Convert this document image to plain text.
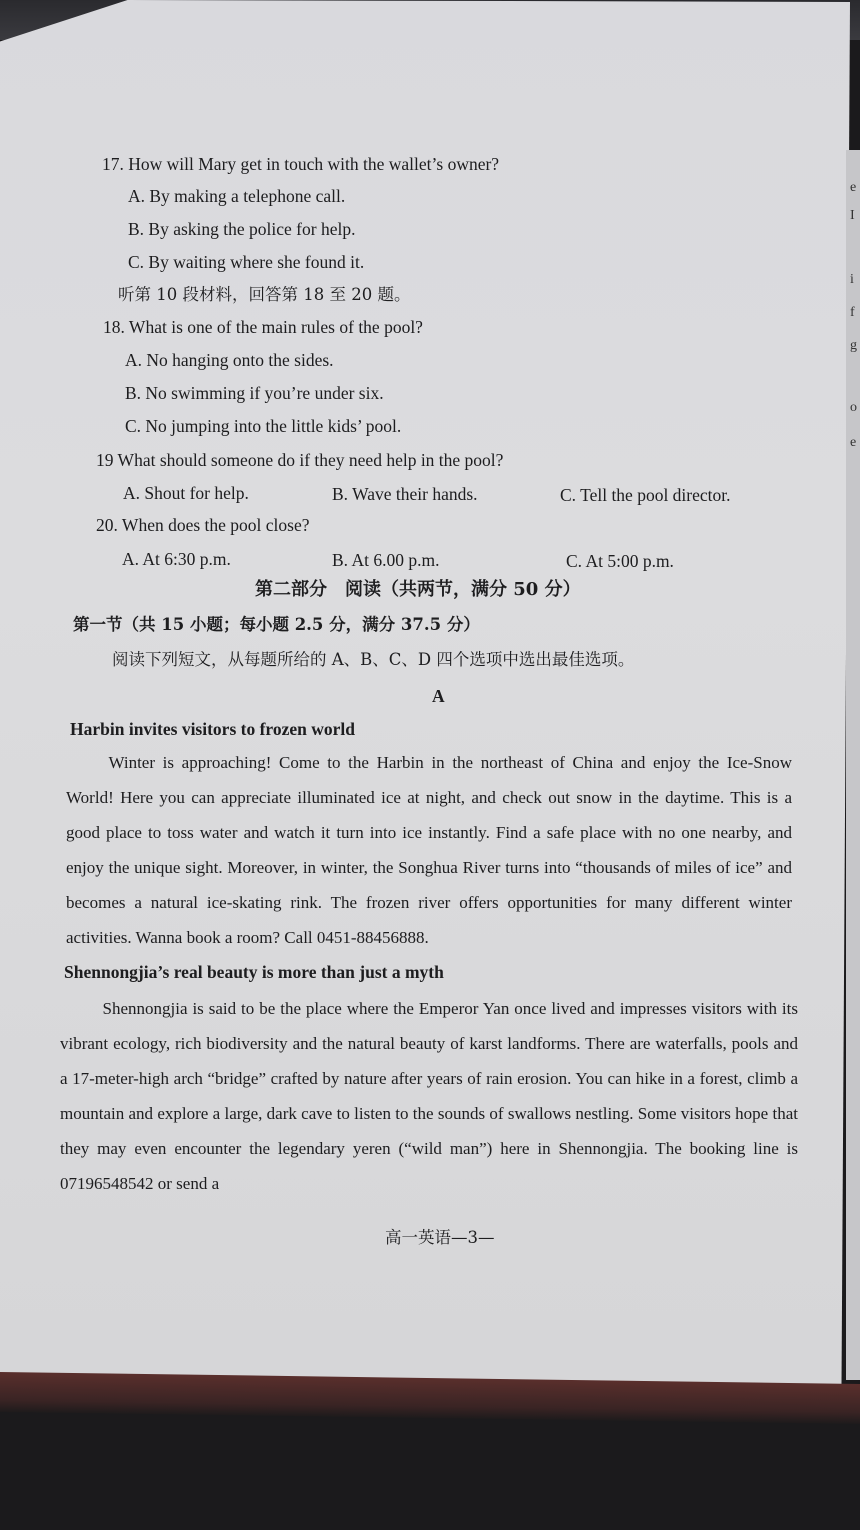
e
I
i
f
g
o
e
17. How will Mary get in touch with the wallet’s owner?
A. By making a telephone call.
B. By asking the police for help.
C. By waiting where she found it.
听第 10 段材料，回答第 18 至 20 题。
18. What is one of the main rules of the pool?
A. No hanging onto the sides.
B. No swimming if you’re under six.
C. No jumping into the little kids’ pool.
19 What should someone do if they need help in the pool?
A. Shout for help.	B. Wave their hands.	C. Tell the pool director.
20. When does the pool close?
A. At 6:30 p.m.	B. At 6.00 p.m.	C. At 5:00 p.m.
第二部分　阅读（共两节，满分 50 分）
第一节（共 15 小题；每小题 2.5 分，满分 37.5 分）
阅读下列短文，从每题所给的 A、B、C、D 四个选项中选出最佳选项。
A
Harbin invites visitors to frozen world

Winter is approaching! Come to the Harbin in the northeast of China and enjoy the Ice-Snow World! Here you can appreciate illuminated ice at night, and check out snow in the daytime. This is a good place to toss water and watch it turn into ice instantly. Find a safe place with no one nearby, and enjoy the unique sight. Moreover, in winter, the Songhua River turns into “thousands of miles of ice” and becomes a natural ice-skating rink. The frozen river offers opportunities for many different winter activities. Wanna book a room? Call 0451-88456888.

Shennongjia’s real beauty is more than just a myth

Shennongjia is said to be the place where the Emperor Yan once lived and impresses visitors with its vibrant ecology, rich biodiversity and the natural beauty of karst landforms. There are waterfalls, pools and a 17-meter-high arch “bridge” crafted by nature after years of rain erosion. You can hike in a forest, climb a mountain and explore a large, dark cave to listen to the sounds of swallows nestling. Some visitors hope that they may even encounter the legendary yeren (“wild man”) here in Shennongjia. The booking line is 07196548542 or send a

高一英语—3—
